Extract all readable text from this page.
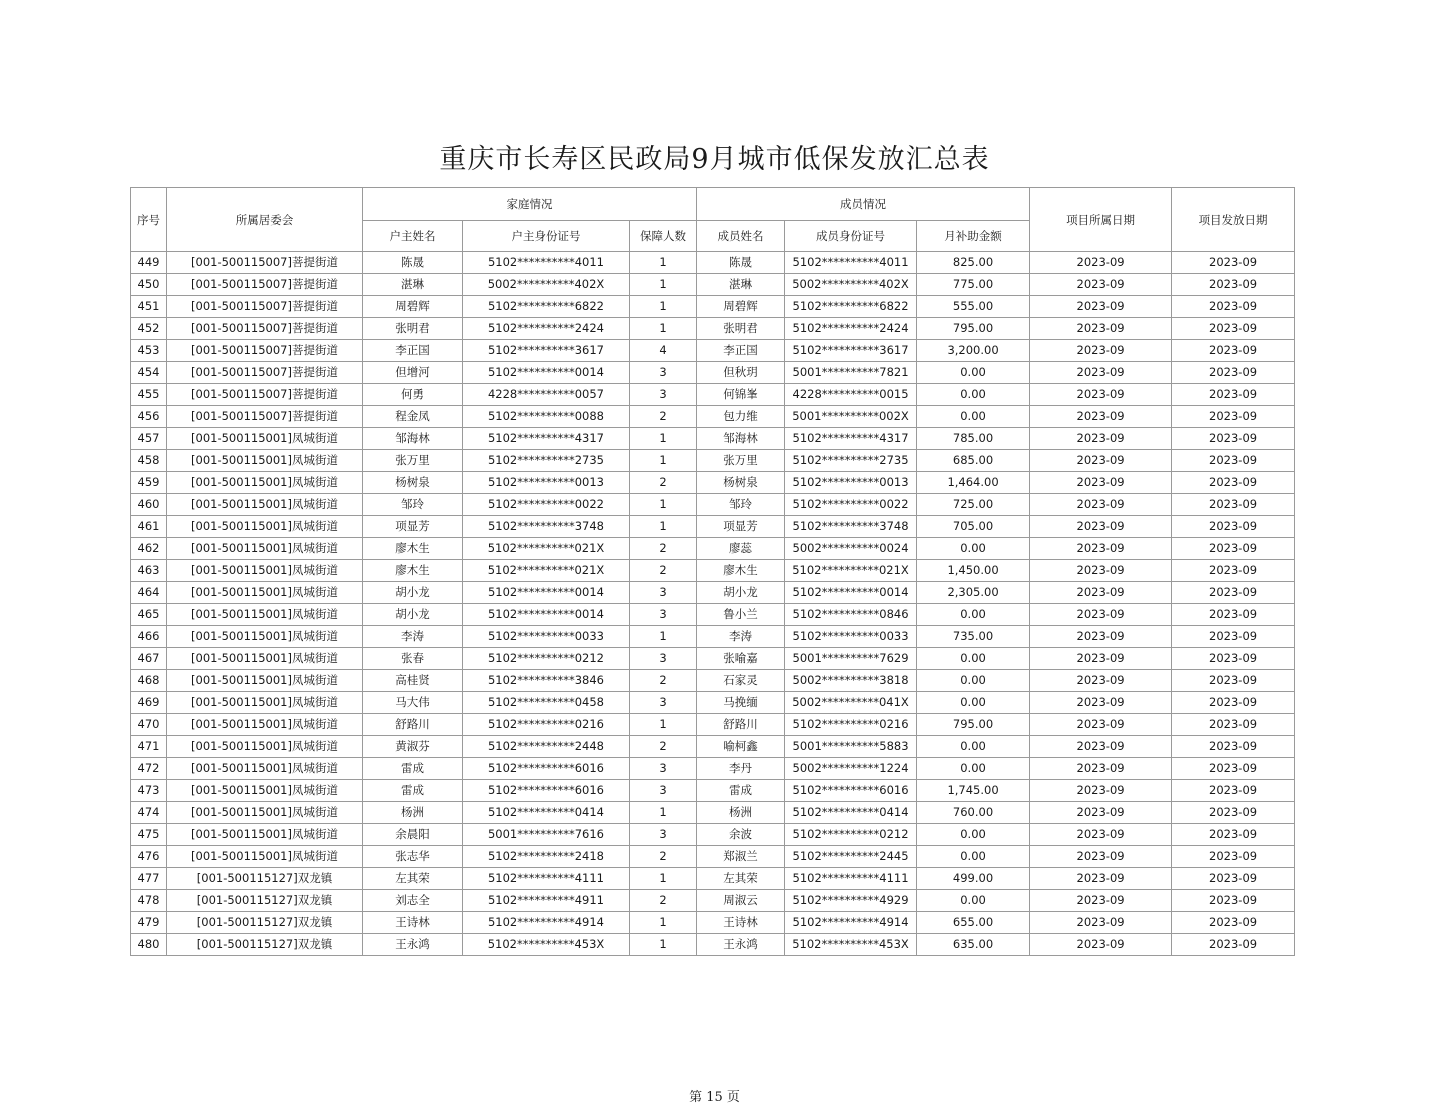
重庆市长寿区民政局9月城市低保发放汇总表
序号	所属居委会	家庭情况			成员情况			项目所属日期	项目发放日期
		户主姓名	户主身份证号	保障人数	成员姓名	成员身份证号	月补助金额		
449	[001-500115007]菩提街道	陈晟	5102**********4011	1	陈晟	5102**********4011	825.00	2023-09	2023-09
450	[001-500115007]菩提街道	湛琳	5002**********402X	1	湛琳	5002**********402X	775.00	2023-09	2023-09
451	[001-500115007]菩提街道	周碧辉	5102**********6822	1	周碧辉	5102**********6822	555.00	2023-09	2023-09
452	[001-500115007]菩提街道	张明君	5102**********2424	1	张明君	5102**********2424	795.00	2023-09	2023-09
453	[001-500115007]菩提街道	李正国	5102**********3617	4	李正国	5102**********3617	3,200.00	2023-09	2023-09
454	[001-500115007]菩提街道	但增河	5102**********0014	3	但秋玥	5001**********7821	0.00	2023-09	2023-09
455	[001-500115007]菩提街道	何勇	4228**********0057	3	何锦峯	4228**********0015	0.00	2023-09	2023-09
456	[001-500115007]菩提街道	程金凤	5102**********0088	2	包力维	5001**********002X	0.00	2023-09	2023-09
457	[001-500115001]凤城街道	邹海林	5102**********4317	1	邹海林	5102**********4317	785.00	2023-09	2023-09
458	[001-500115001]凤城街道	张万里	5102**********2735	1	张万里	5102**********2735	685.00	2023-09	2023-09
459	[001-500115001]凤城街道	杨树泉	5102**********0013	2	杨树泉	5102**********0013	1,464.00	2023-09	2023-09
460	[001-500115001]凤城街道	邹玲	5102**********0022	1	邹玲	5102**********0022	725.00	2023-09	2023-09
461	[001-500115001]凤城街道	项显芳	5102**********3748	1	项显芳	5102**********3748	705.00	2023-09	2023-09
462	[001-500115001]凤城街道	廖木生	5102**********021X	2	廖蕊	5002**********0024	0.00	2023-09	2023-09
463	[001-500115001]凤城街道	廖木生	5102**********021X	2	廖木生	5102**********021X	1,450.00	2023-09	2023-09
464	[001-500115001]凤城街道	胡小龙	5102**********0014	3	胡小龙	5102**********0014	2,305.00	2023-09	2023-09
465	[001-500115001]凤城街道	胡小龙	5102**********0014	3	鲁小兰	5102**********0846	0.00	2023-09	2023-09
466	[001-500115001]凤城街道	李涛	5102**********0033	1	李涛	5102**********0033	735.00	2023-09	2023-09
467	[001-500115001]凤城街道	张春	5102**********0212	3	张喻嘉	5001**********7629	0.00	2023-09	2023-09
468	[001-500115001]凤城街道	高桂贤	5102**********3846	2	石家灵	5002**********3818	0.00	2023-09	2023-09
469	[001-500115001]凤城街道	马大伟	5102**********0458	3	马挽缅	5002**********041X	0.00	2023-09	2023-09
470	[001-500115001]凤城街道	舒路川	5102**********0216	1	舒路川	5102**********0216	795.00	2023-09	2023-09
471	[001-500115001]凤城街道	黄淑芬	5102**********2448	2	喻柯鑫	5001**********5883	0.00	2023-09	2023-09
472	[001-500115001]凤城街道	雷成	5102**********6016	3	李丹	5002**********1224	0.00	2023-09	2023-09
473	[001-500115001]凤城街道	雷成	5102**********6016	3	雷成	5102**********6016	1,745.00	2023-09	2023-09
474	[001-500115001]凤城街道	杨洲	5102**********0414	1	杨洲	5102**********0414	760.00	2023-09	2023-09
475	[001-500115001]凤城街道	余晨阳	5001**********7616	3	余波	5102**********0212	0.00	2023-09	2023-09
476	[001-500115001]凤城街道	张志华	5102**********2418	2	郑淑兰	5102**********2445	0.00	2023-09	2023-09
477	[001-500115127]双龙镇	左其荣	5102**********4111	1	左其荣	5102**********4111	499.00	2023-09	2023-09
478	[001-500115127]双龙镇	刘志全	5102**********4911	2	周淑云	5102**********4929	0.00	2023-09	2023-09
479	[001-500115127]双龙镇	王诗林	5102**********4914	1	王诗林	5102**********4914	655.00	2023-09	2023-09
480	[001-500115127]双龙镇	王永鸿	5102**********453X	1	王永鸿	5102**********453X	635.00	2023-09	2023-09
第 15 页
